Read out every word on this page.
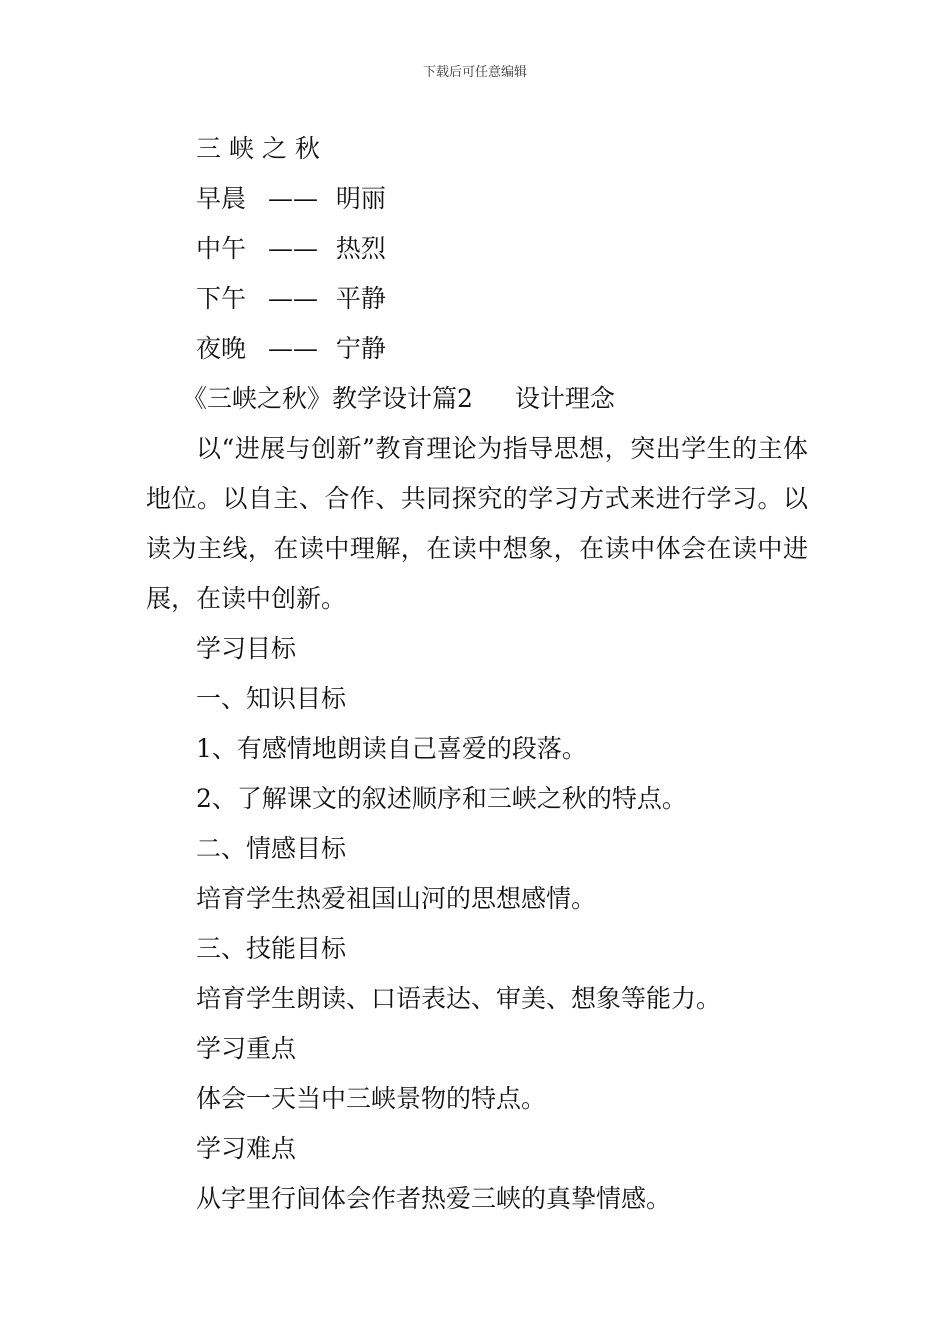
下载后可任意编辑
三 峡 之 秋
早晨 —— 明丽
中午 —— 热烈
下午 —— 平静
夜晚 —— 宁静
《三峡之秋》教学设计篇2 设计理念
以“进展与创新”教育理论为指导思想，突出学生的主体地位。以自主、合作、共同探究的学习方式来进行学习。以读为主线，在读中理解，在读中想象，在读中体会在读中进展，在读中创新。
学习目标
一、知识目标
1、有感情地朗读自己喜爱的段落。
2、了解课文的叙述顺序和三峡之秋的特点。
二、情感目标
培育学生热爱祖国山河的思想感情。
三、技能目标
培育学生朗读、口语表达、审美、想象等能力。
学习重点
体会一天当中三峡景物的特点。
学习难点
从字里行间体会作者热爱三峡的真挚情感。
